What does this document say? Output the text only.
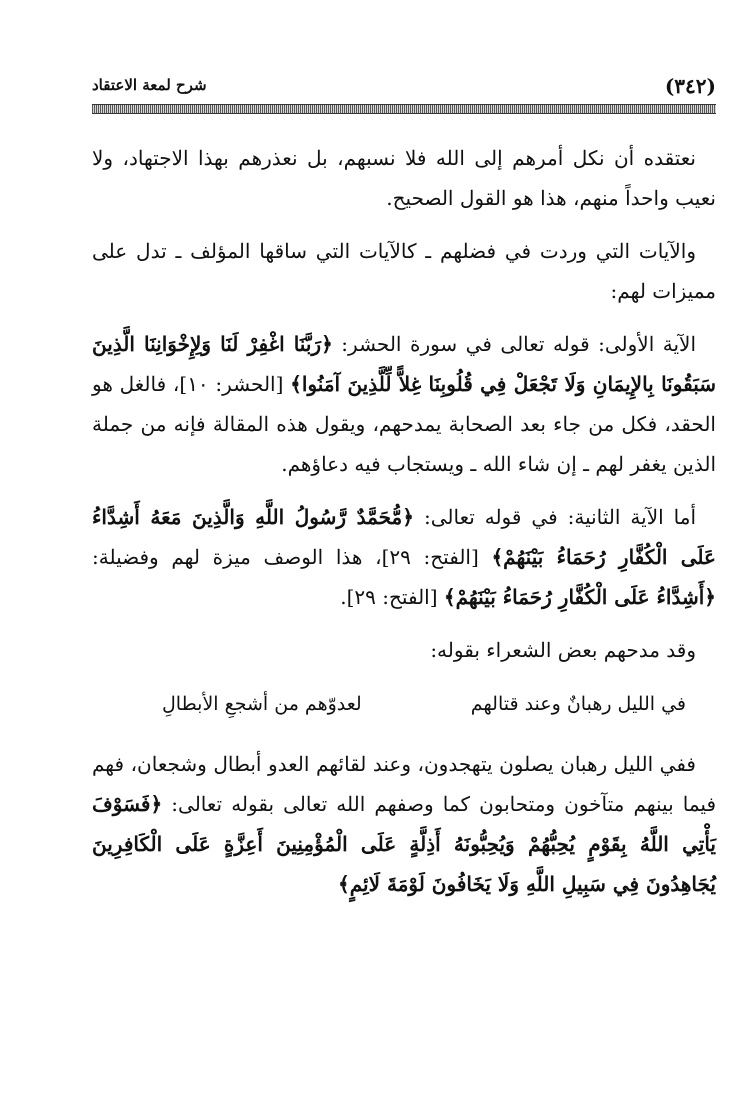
(٣٤٢)
شرح لمعة الاعتقاد

نعتقده أن نكل أمرهم إلى الله فلا نسبهم، بل نعذرهم بهذا الاجتهاد، ولا نعيب واحداً منهم، هذا هو القول الصحيح.

والآيات التي وردت في فضلهم ـ كالآيات التي ساقها المؤلف ـ تدل على مميزات لهم:

الآية الأولى: قوله تعالى في سورة الحشر: ﴿رَبَّنَا اغْفِرْ لَنَا وَلِإِخْوَانِنَا الَّذِينَ سَبَقُونَا بِالإِيمَانِ وَلَا تَجْعَلْ فِي قُلُوبِنَا غِلاًّ لِّلَّذِينَ آمَنُوا﴾ [الحشر: ١٠]، فالغل هو الحقد، فكل من جاء بعد الصحابة يمدحهم، ويقول هذه المقالة فإنه من جملة الذين يغفر لهم ـ إن شاء الله ـ ويستجاب فيه دعاؤهم.

أما الآية الثانية: في قوله تعالى: ﴿مُّحَمَّدٌ رَّسُولُ اللَّهِ وَالَّذِينَ مَعَهُ أَشِدَّاءُ عَلَى الْكُفَّارِ رُحَمَاءُ بَيْنَهُمْ﴾ [الفتح: ٢٩]، هذا الوصف ميزة لهم وفضيلة: ﴿أَشِدَّاءُ عَلَى الْكُفَّارِ رُحَمَاءُ بَيْنَهُمْ﴾ [الفتح: ٢٩].

وقد مدحهم بعض الشعراء بقوله:

في الليل رهبانٌ وعند قتالهم
لعدوّهم من أشجعِ الأبطالِ

ففي الليل رهبان يصلون يتهجدون، وعند لقائهم العدو أبطال وشجعان، فهم فيما بينهم متآخون ومتحابون كما وصفهم الله تعالى بقوله تعالى: ﴿فَسَوْفَ يَأْتِي اللَّهُ بِقَوْمٍ يُحِبُّهُمْ وَيُحِبُّونَهُ أَذِلَّةٍ عَلَى الْمُؤْمِنِينَ أَعِزَّةٍ عَلَى الْكَافِرِينَ يُجَاهِدُونَ فِي سَبِيلِ اللَّهِ وَلَا يَخَافُونَ لَوْمَةَ لَائِمٍ﴾
